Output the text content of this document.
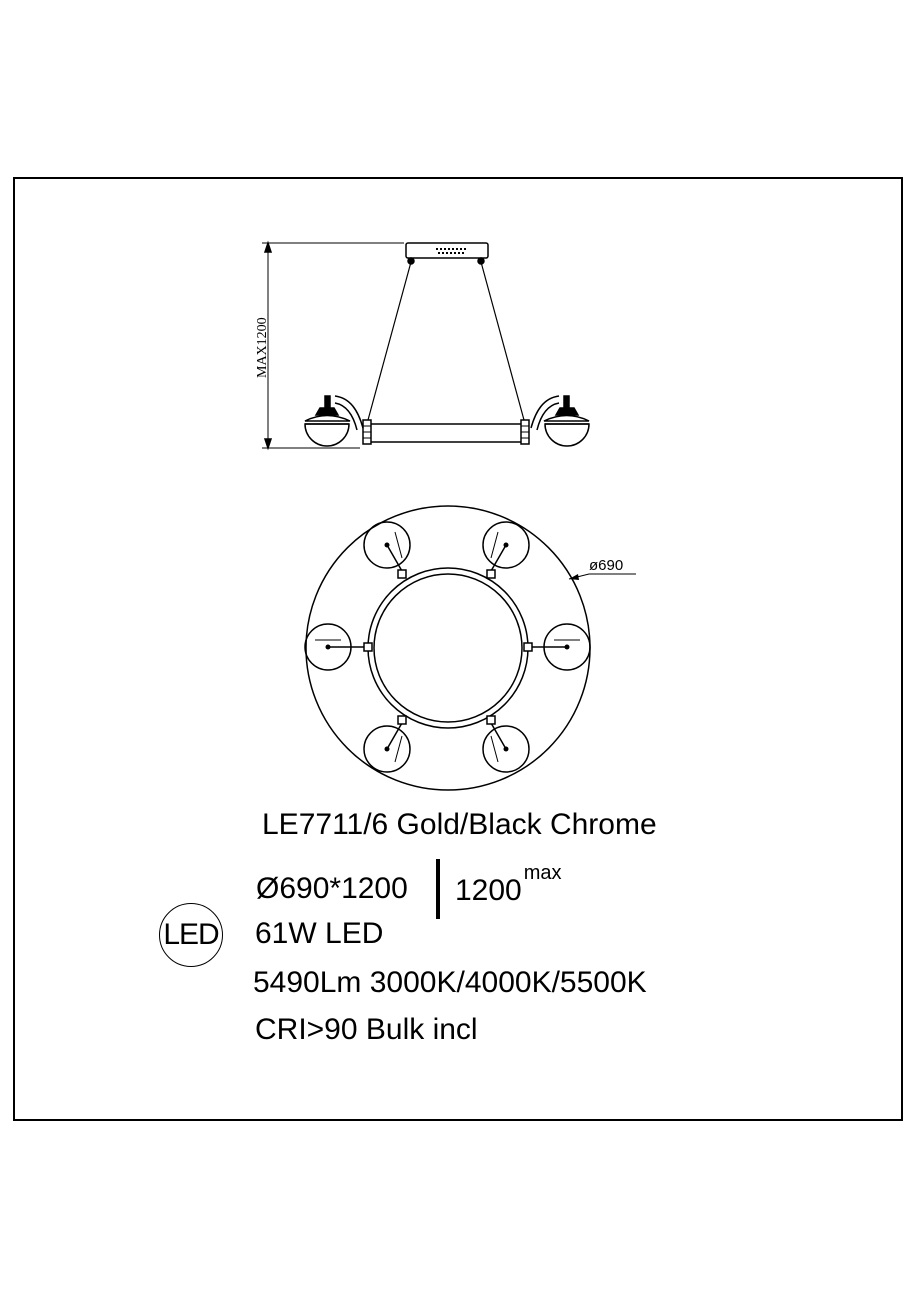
MAX1200
ø690
LE7711/6 Gold/Black Chrome
Ø690*1200 $1200^{max}$
LED 61W LED
5490Lm 3000K/4000K/5500K
CRI>90 Bulk incl
